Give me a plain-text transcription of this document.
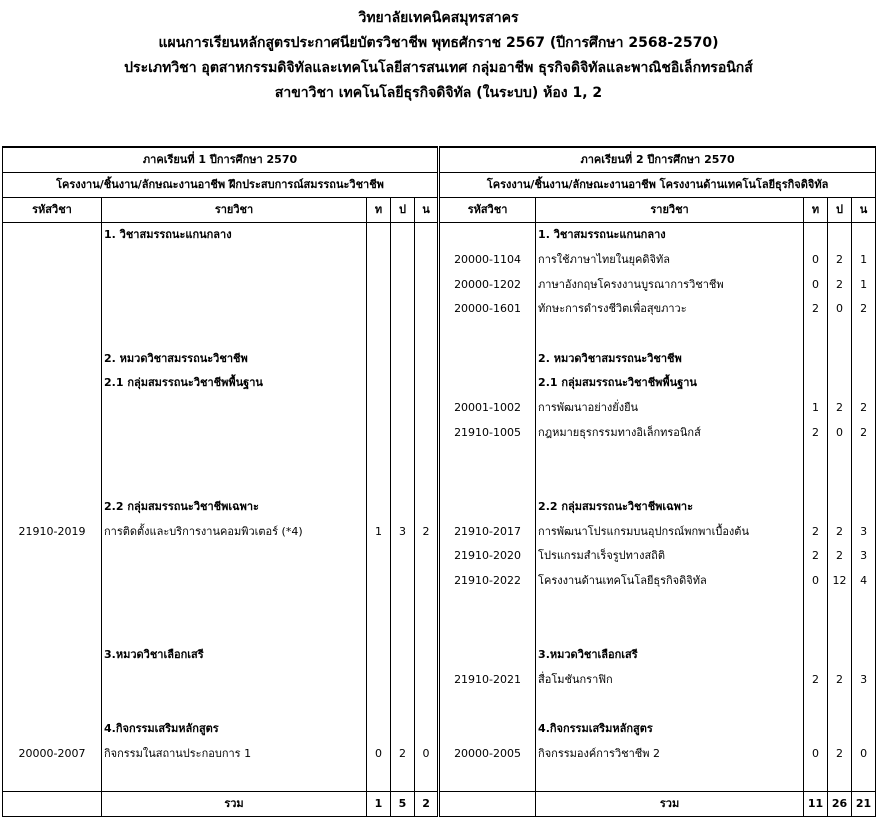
วิทยาลัยเทคนิคสมุทรสาคร
แผนการเรียนหลักสูตรประกาศนียบัตรวิชาชีพ พุทธศักราช 2567 (ปีการศึกษา 2568-2570)
ประเภทวิชา อุตสาหกรรมดิจิทัลและเทคโนโลยีสารสนเทศ กลุ่มอาชีพ ธุรกิจดิจิทัลและพาณิชอิเล็กทรอนิกส์
สาขาวิชา เทคโนโลยีธุรกิจดิจิทัล (ในระบบ) ห้อง 1, 2

ภาคเรียนที่ 1 ปีการศึกษา 2570					ภาคเรียนที่ 2 ปีการศึกษา 2570				
โครงงาน/ชิ้นงาน/ลักษณะงานอาชีพ ฝึกประสบการณ์สมรรถนะวิชาชีพ					โครงงาน/ชิ้นงาน/ลักษณะงานอาชีพ โครงงานด้านเทคโนโลยีธุรกิจดิจิทัล				
รหัสวิชา	รายวิชา	ท	ป	น	รหัสวิชา	รายวิชา	ท	ป	น
	1. วิชาสมรรถนะแกนกลาง					1. วิชาสมรรถนะแกนกลาง			
					20000-1104	การใช้ภาษาไทยในยุคดิจิทัล	0	2	1
					20000-1202	ภาษาอังกฤษโครงงานบูรณาการวิชาชีพ	0	2	1
					20000-1601	ทักษะการดำรงชีวิตเพื่อสุขภาวะ	2	0	2

	2. หมวดวิชาสมรรถนะวิชาชีพ					2. หมวดวิชาสมรรถนะวิชาชีพ			
	2.1 กลุ่มสมรรถนะวิชาชีพพื้นฐาน					2.1 กลุ่มสมรรถนะวิชาชีพพื้นฐาน			
					20001-1002	การพัฒนาอย่างยั่งยืน	1	2	2
					21910-1005	กฎหมายธุรกรรมทางอิเล็กทรอนิกส์	2	0	2

	2.2 กลุ่มสมรรถนะวิชาชีพเฉพาะ					2.2 กลุ่มสมรรถนะวิชาชีพเฉพาะ			
21910-2019	การติดตั้งและบริการงานคอมพิวเตอร์ (*4)	1	3	2	21910-2017	การพัฒนาโปรแกรมบนอุปกรณ์พกพาเบื้องต้น	2	2	3
					21910-2020	โปรแกรมสำเร็จรูปทางสถิติ	2	2	3
					21910-2022	โครงงานด้านเทคโนโลยีธุรกิจดิจิทัล	0	12	4

	3.หมวดวิชาเลือกเสรี					3.หมวดวิชาเลือกเสรี			
					21910-2021	สื่อโมชันกราฟิก	2	2	3

	4.กิจกรรมเสริมหลักสูตร					4.กิจกรรมเสริมหลักสูตร			
20000-2007	กิจกรรมในสถานประกอบการ 1	0	2	0	20000-2005	กิจกรรมองค์การวิชาชีพ 2	0	2	0

	รวม	1	5	2		รวม	11	26	21
